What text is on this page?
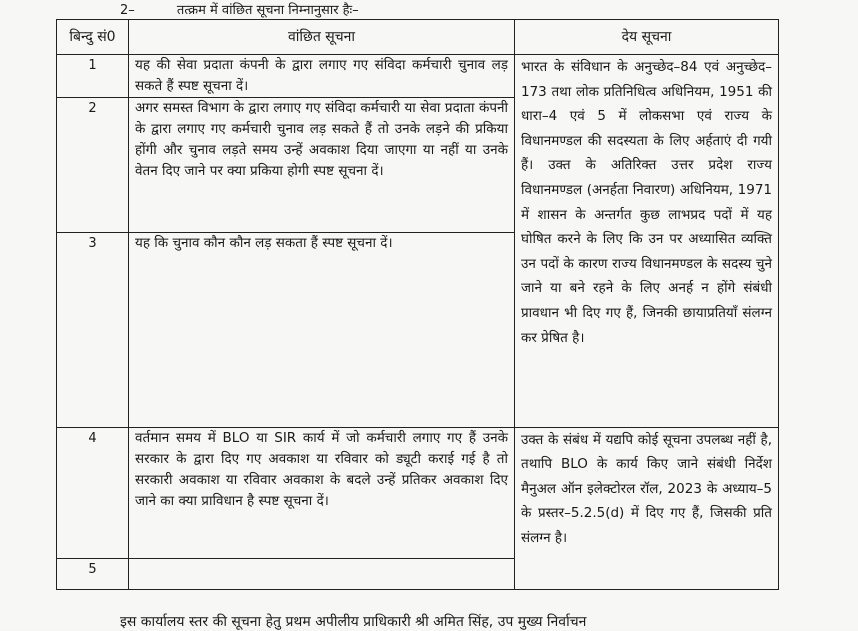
2–	तत्क्रम में वांछित सूचना निम्नानुसार हैः–
बिन्दु सं0	वांछित सूचना	देय सूचना
1	यह की सेवा प्रदाता कंपनी के द्वारा लगाए गए संविदा कर्मचारी चुनाव लड़ सकते हैं स्पष्ट सूचना दें।	भारत के संविधान के अनुच्छेद–84 एवं अनुच्छेद–173 तथा लोक प्रतिनिधित्व अधिनियम, 1951 की धारा–4 एवं 5 में लोकसभा एवं राज्य के विधानमण्डल की सदस्यता के लिए अर्हताएं दी गयी हैं। उक्त के अतिरिक्त उत्तर प्रदेश राज्य विधानमण्डल (अनर्हता निवारण) अधिनियम, 1971 में शासन के अन्तर्गत कुछ लाभप्रद पदों में यह घोषित करने के लिए कि उन पर अध्यासित व्यक्ति उन पदों के कारण राज्य विधानमण्डल के सदस्य चुने जाने या बने रहने के लिए अनर्ह न होंगे संबंधी प्रावधान भी दिए गए हैं, जिनकी छायाप्रतियाँ संलग्न कर प्रेषित है।
2	अगर समस्त विभाग के द्वारा लगाए गए संविदा कर्मचारी या सेवा प्रदाता कंपनी के द्वारा लगाए गए कर्मचारी चुनाव लड़ सकते हैं तो उनके लड़ने की प्रकिया होंगी और चुनाव लड़ते समय उन्हें अवकाश दिया जाएगा या नहीं या उनके वेतन दिए जाने पर क्या प्रकिया होगी स्पष्ट सूचना दें।	
3	यह कि चुनाव कौन कौन लड़ सकता हैं स्पष्ट सूचना दें।	
4	वर्तमान समय में BLO या SIR कार्य में जो कर्मचारी लगाए गए हैं उनके सरकार के द्वारा दिए गए अवकाश या रविवार को ड्यूटी कराई गई है तो सरकारी अवकाश या रविवार अवकाश के बदले उन्हें प्रतिकर अवकाश दिए जाने का क्या प्राविधान है स्पष्ट सूचना दें।	उक्त के संबंध में यद्यपि कोई सूचना उपलब्ध नहीं है, तथापि BLO के कार्य किए जाने संबंधी निर्देश मैनुअल ऑन इलेक्टोरल रॉल, 2023 के अध्याय–5 के प्रस्तर–5.2.5(d) में दिए गए हैं, जिसकी प्रति संलग्न है।
5		
इस कार्यालय स्तर की सूचना हेतु प्रथम अपीलीय प्राधिकारी श्री अमित सिंह, उप मुख्य निर्वाचन
